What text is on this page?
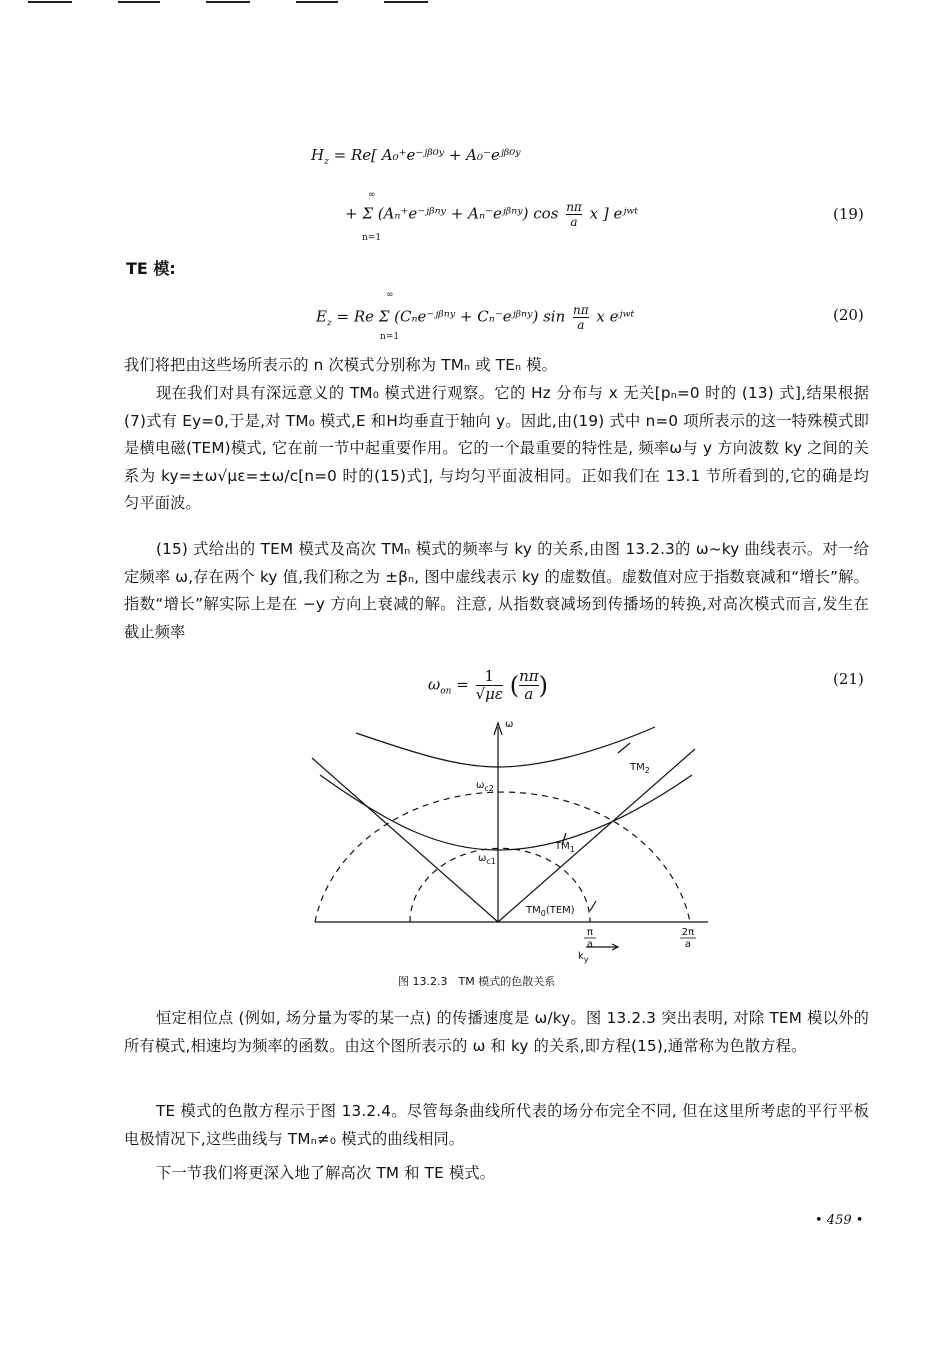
$H_z = Re$[ A₀⁺e⁻ʲᵝ⁰ʸ + A₀⁻eʲᵝ⁰ʸ
+ Σ (Aₙ⁺e⁻ʲᵝⁿʸ + Aₙ⁻eʲᵝⁿʸ) $\cos \frac{n\pi}{a}$ x ] eʲʷᵗ
∞
n=1
(19)
TE 模:
$E_z = Re$ Σ (Cₙe⁻ʲᵝⁿʸ + Cₙ⁻eʲᵝⁿʸ) $\sin \frac{n\pi}{a}$ x eʲʷᵗ
∞
n=1
(20)
我们将把由这些场所表示的 n 次模式分别称为 TMₙ 或 TEₙ 模。
现在我们对具有深远意义的 TM₀ 模式进行观察。它的 Hz 分布与 x 无关[pₙ=0 时的 (13) 式],结果根据(7)式有 Ey=0,于是,对 TM₀ 模式,E 和H均垂直于轴向 y。因此,由(19) 式中 n=0 项所表示的这一特殊模式即是横电磁(TEM)模式, 它在前一节中起重要作用。它的一个最重要的特性是, 频率ω与 y 方向波数 ky 之间的关系为 ky=±ω√με=±ω/c[n=0 时的(15)式], 与均匀平面波相同。正如我们在 13.1 节所看到的,它的确是均匀平面波。
(15) 式给出的 TEM 模式及高次 TMₙ 模式的频率与 ky 的关系,由图 13.2.3的 ω~ky 曲线表示。对一给定频率 ω,存在两个 ky 值,我们称之为 ±βₙ, 图中虚线表示 ky 的虚数值。虚数值对应于指数衰减和“增长”解。指数“增长”解实际上是在 −y 方向上衰减的解。注意, 从指数衰减场到传播场的转换,对高次模式而言,发生在截止频率
$\omega_{on} = \frac{1}{√\mu\varepsilon}$ ( $\frac{n\pi}{a}$ )	(21)
ω
$\omega_{c2}$
$\omega_{c1}$
$TM_2$
$TM_1$
$TM_0(TEM)$
π
a
2π
a
$k_y$
图 13.2.3　TM 模式的色散关系
恒定相位点 (例如, 场分量为零的某一点) 的传播速度是 ω/ky。图 13.2.3 突出表明, 对除 TEM 模以外的所有模式,相速均为频率的函数。由这个图所表示的 ω 和 ky 的关系,即方程(15),通常称为色散方程。
TE 模式的色散方程示于图 13.2.4。尽管每条曲线所代表的场分布完全不同, 但在这里所考虑的平行平板电极情况下,这些曲线与 TMₙ≠₀ 模式的曲线相同。
下一节我们将更深入地了解高次 TM 和 TE 模式。
• 459 •
